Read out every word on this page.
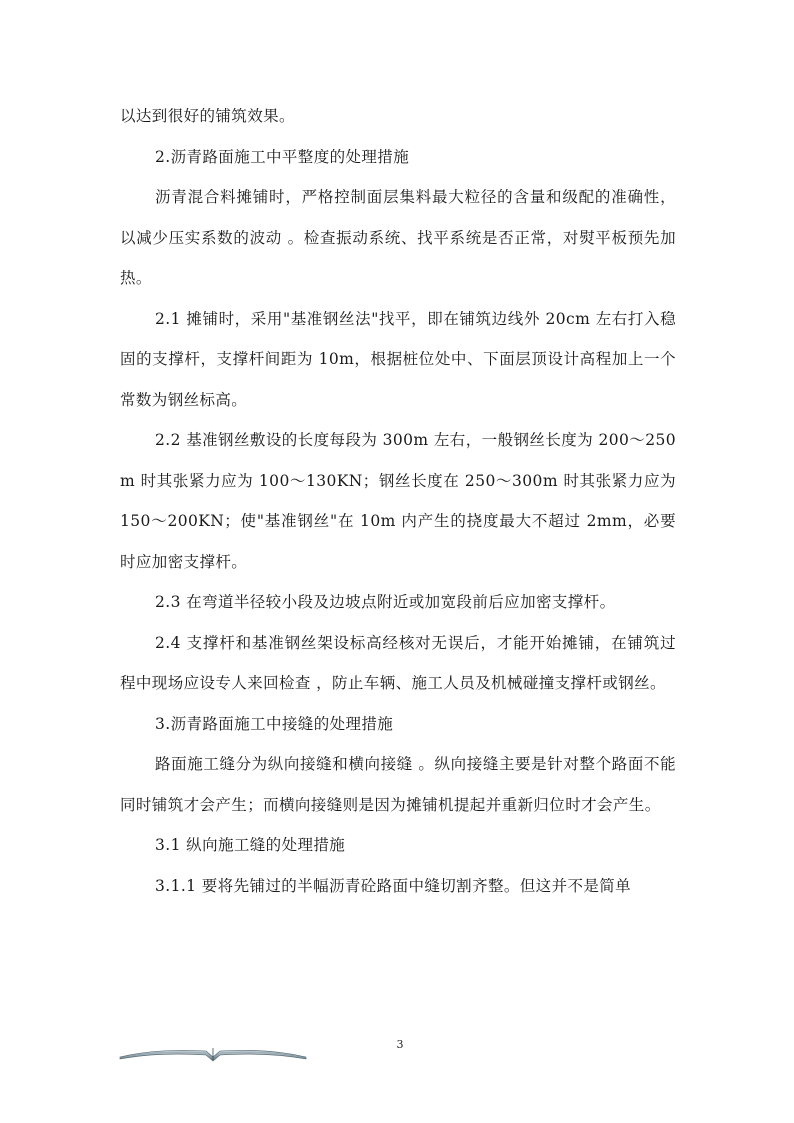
以达到很好的铺筑效果。

2.沥青路面施工中平整度的处理措施

沥青混合料摊铺时，严格控制面层集料最大粒径的含量和级配的准确性，以减少压实系数的波动 。检查振动系统、找平系统是否正常，对熨平板预先加热。

2.1 摊铺时，采用"基准钢丝法"找平，即在铺筑边线外 20cm 左右打入稳固的支撑杆，支撑杆间距为 10m，根据桩位处中、下面层顶设计高程加上一个常数为钢丝标高。

2.2 基准钢丝敷设的长度每段为 300m 左右，一般钢丝长度为 200～250m 时其张紧力应为 100～130KN；钢丝长度在 250～300m 时其张紧力应为 150～200KN；使"基准钢丝"在 10m 内产生的挠度最大不超过 2mm，必要时应加密支撑杆。

2.3 在弯道半径较小段及边坡点附近或加宽段前后应加密支撑杆。

2.4 支撑杆和基准钢丝架设标高经核对无误后，才能开始摊铺，在铺筑过程中现场应设专人来回检查 ，防止车辆、施工人员及机械碰撞支撑杆或钢丝。

3.沥青路面施工中接缝的处理措施

路面施工缝分为纵向接缝和横向接缝 。纵向接缝主要是针对整个路面不能同时铺筑才会产生；而横向接缝则是因为摊铺机提起并重新归位时才会产生。

3.1 纵向施工缝的处理措施

3.1.1 要将先铺过的半幅沥青砼路面中缝切割齐整。但这并不是简单

3
